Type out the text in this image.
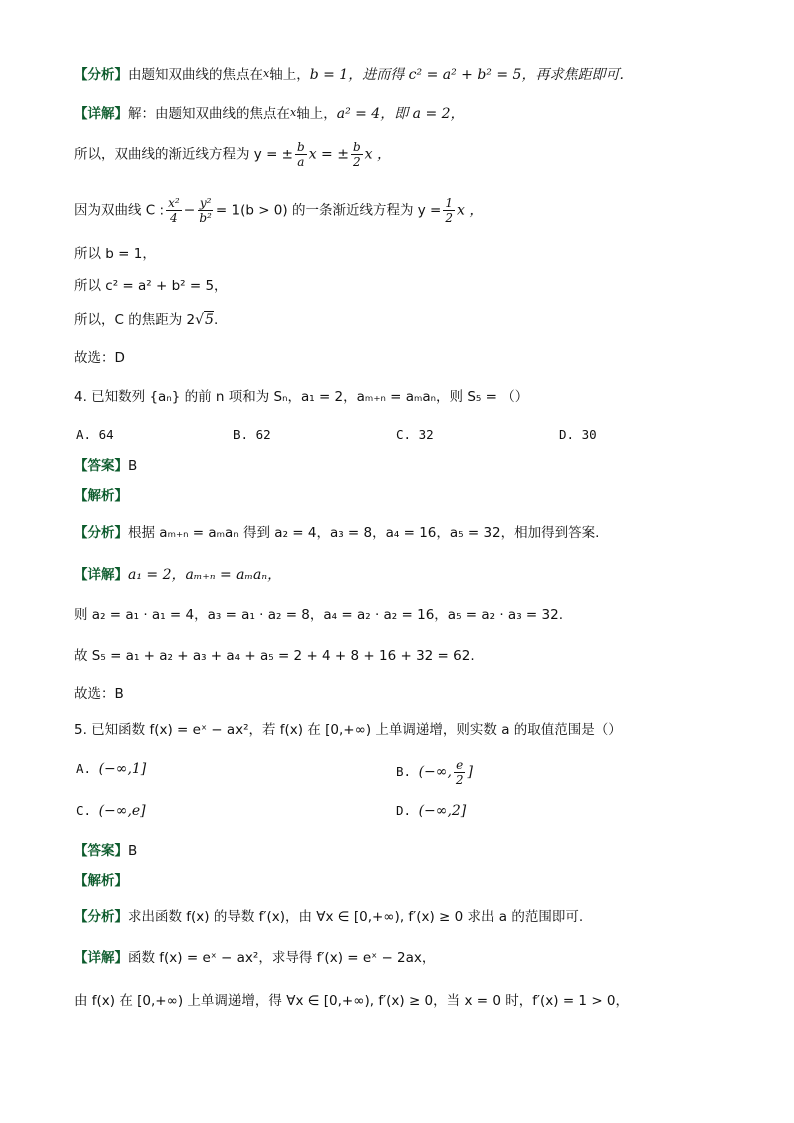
【分析】由题知双曲线的焦点在x轴上，b = 1，进而得 c² = a² + b² = 5，再求焦距即可.
【详解】解：由题知双曲线的焦点在x轴上，a² = 4，即 a = 2，
所以，双曲线的渐近线方程为 y = ± $\frac{b}{a}$ x = ± $\frac{b}{2}$ x ，
因为双曲线 C : $\frac{\text{x²}}{4} - \frac{\text{y²}}{\text{b²}} = 1(b > 0)$ 的一条渐近线方程为 $y = \frac{1}{2}$ x ，
所以 b = 1，
所以 c² = a² + b² = 5，
所以，C 的焦距为 2√5.
故选：D
4. 已知数列 {aₙ} 的前 n 项和为 Sₙ，a₁ = 2，aₘ₊ₙ = aₘaₙ，则 S₅ = （）
A. 64	B. 62	C. 32	D. 30
【答案】B
【解析】
【分析】根据 aₘ₊ₙ = aₘaₙ 得到 a₂ = 4，a₃ = 8，a₄ = 16，a₅ = 32，相加得到答案.
【详解】a₁ = 2，aₘ₊ₙ = aₘaₙ，
则 a₂ = a₁ · a₁ = 4，a₃ = a₁ · a₂ = 8，a₄ = a₂ · a₂ = 16，a₅ = a₂ · a₃ = 32.
故 S₅ = a₁ + a₂ + a₃ + a₄ + a₅ = 2 + 4 + 8 + 16 + 32 = 62.
故选：B
5. 已知函数 f(x) = eˣ − ax²，若 f(x) 在 [0,+∞) 上单调递增，则实数 a 的取值范围是（）
A. (−∞,1]	B. (−∞, $\frac{e}{2}$ ]
C. (−∞,e]	D. (−∞,2]
【答案】B
【解析】
【分析】求出函数 f(x) 的导数 f′(x)，由 ∀x ∈ [0,+∞), f′(x) ≥ 0 求出 a 的范围即可.
【详解】函数 f(x) = eˣ − ax²，求导得 f′(x) = eˣ − 2ax，
由 f(x) 在 [0,+∞) 上单调递增，得 ∀x ∈ [0,+∞), f′(x) ≥ 0，当 x = 0 时，f′(x) = 1 > 0，
